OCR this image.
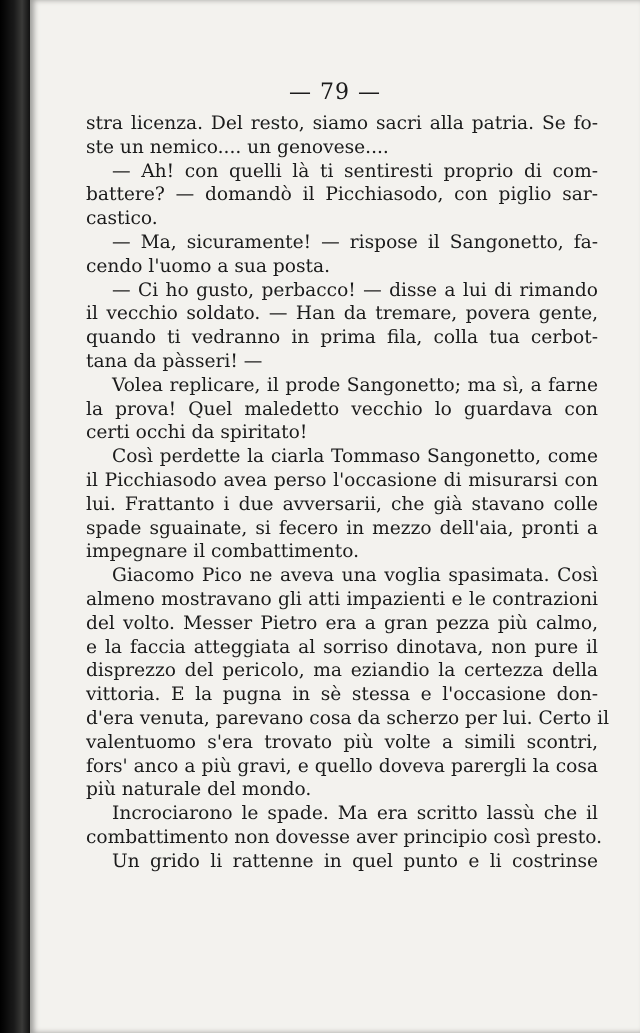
— 79 —
stra licenza. Del resto, siamo sacri alla patria. Se fo-
ste un nemico.... un genovese....
— Ah! con quelli là ti sentiresti proprio di com-
battere? — domandò il Picchiasodo, con piglio sar-
castico.
— Ma, sicuramente! — rispose il Sangonetto, fa-
cendo l'uomo a sua posta.
— Ci ho gusto, perbacco! — disse a lui di rimando
il vecchio soldato. — Han da tremare, povera gente,
quando ti vedranno in prima fila, colla tua cerbot-
tana da pàsseri! —
Volea replicare, il prode Sangonetto; ma sì, a farne
la prova! Quel maledetto vecchio lo guardava con
certi occhi da spiritato!
Così perdette la ciarla Tommaso Sangonetto, come
il Picchiasodo avea perso l'occasione di misurarsi con
lui. Frattanto i due avversarii, che già stavano colle
spade sguainate, si fecero in mezzo dell'aia, pronti a
impegnare il combattimento.
Giacomo Pico ne aveva una voglia spasimata. Così
almeno mostravano gli atti impazienti e le contrazioni
del volto. Messer Pietro era a gran pezza più calmo,
e la faccia atteggiata al sorriso dinotava, non pure il
disprezzo del pericolo, ma eziandio la certezza della
vittoria. E la pugna in sè stessa e l'occasione don-
d'era venuta, parevano cosa da scherzo per lui. Certo il
valentuomo s'era trovato più volte a simili scontri,
fors' anco a più gravi, e quello doveva parergli la cosa
più naturale del mondo.
Incrociarono le spade. Ma era scritto lassù che il
combattimento non dovesse aver principio così presto.
Un grido li rattenne in quel punto e li costrinse
